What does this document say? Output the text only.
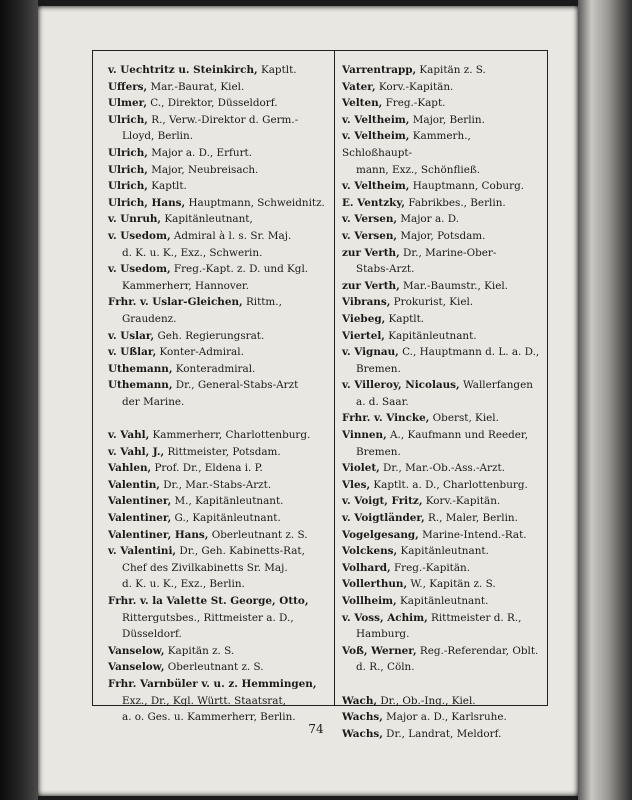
v. Uechtritz u. Steinkirch, Kaptlt.
Uffers, Mar.-Baurat, Kiel.
Ulmer, C., Direktor, Düsseldorf.
Ulrich, R., Verw.-Direktor d. Germ.-
Lloyd, Berlin.
Ulrich, Major a. D., Erfurt.
Ulrich, Major, Neubreisach.
Ulrich, Kaptlt.
Ulrich, Hans, Hauptmann, Schweidnitz.
v. Unruh, Kapitänleutnant,
v. Usedom, Admiral à l. s. Sr. Maj.
d. K. u. K., Exz., Schwerin.
v. Usedom, Freg.-Kapt. z. D. und Kgl.
Kammerherr, Hannover.
Frhr. v. Uslar-Gleichen, Rittm.,
Graudenz.
v. Uslar, Geh. Regierungsrat.
v. Ußlar, Konter-Admiral.
Uthemann, Konteradmiral.
Uthemann, Dr., General-Stabs-Arzt
der Marine.
v. Vahl, Kammerherr, Charlottenburg.
v. Vahl, J., Rittmeister, Potsdam.
Vahlen, Prof. Dr., Eldena i. P.
Valentin, Dr., Mar.-Stabs-Arzt.
Valentiner, M., Kapitänleutnant.
Valentiner, G., Kapitänleutnant.
Valentiner, Hans, Oberleutnant z. S.
v. Valentini, Dr., Geh. Kabinetts-Rat,
Chef des Zivilkabinetts Sr. Maj.
d. K. u. K., Exz., Berlin.
Frhr. v. la Valette St. George, Otto,
Rittergutsbes., Rittmeister a. D.,
Düsseldorf.
Vanselow, Kapitän z. S.
Vanselow, Oberleutnant z. S.
Frhr. Varnbüler v. u. z. Hemmingen,
Exz., Dr., Kgl. Württ. Staatsrat,
a. o. Ges. u. Kammerherr, Berlin.
Varrentrapp, Kapitän z. S.
Vater, Korv.-Kapitän.
Velten, Freg.-Kapt.
v. Veltheim, Major, Berlin.
v. Veltheim, Kammerh., Schloßhaupt-
mann, Exz., Schönfließ.
v. Veltheim, Hauptmann, Coburg.
E. Ventzky, Fabrikbes., Berlin.
v. Versen, Major a. D.
v. Versen, Major, Potsdam.
zur Verth, Dr., Marine-Ober-
Stabs-Arzt.
zur Verth, Mar.-Baumstr., Kiel.
Vibrans, Prokurist, Kiel.
Viebeg, Kaptlt.
Viertel, Kapitänleutnant.
v. Vignau, C., Hauptmann d. L. a. D.,
Bremen.
v. Villeroy, Nicolaus, Wallerfangen
a. d. Saar.
Frhr. v. Vincke, Oberst, Kiel.
Vinnen, A., Kaufmann und Reeder,
Bremen.
Violet, Dr., Mar.-Ob.-Ass.-Arzt.
Vles, Kaptlt. a. D., Charlottenburg.
v. Voigt, Fritz, Korv.-Kapitän.
v. Voigtländer, R., Maler, Berlin.
Vogelgesang, Marine-Intend.-Rat.
Volckens, Kapitänleutnant.
Volhard, Freg.-Kapitän.
Vollerthun, W., Kapitän z. S.
Vollheim, Kapitänleutnant.
v. Voss, Achim, Rittmeister d. R.,
Hamburg.
Voß, Werner, Reg.-Referendar, Oblt.
d. R., Cöln.
Wach, Dr., Ob.-Ing., Kiel.
Wachs, Major a. D., Karlsruhe.
Wachs, Dr., Landrat, Meldorf.
74
